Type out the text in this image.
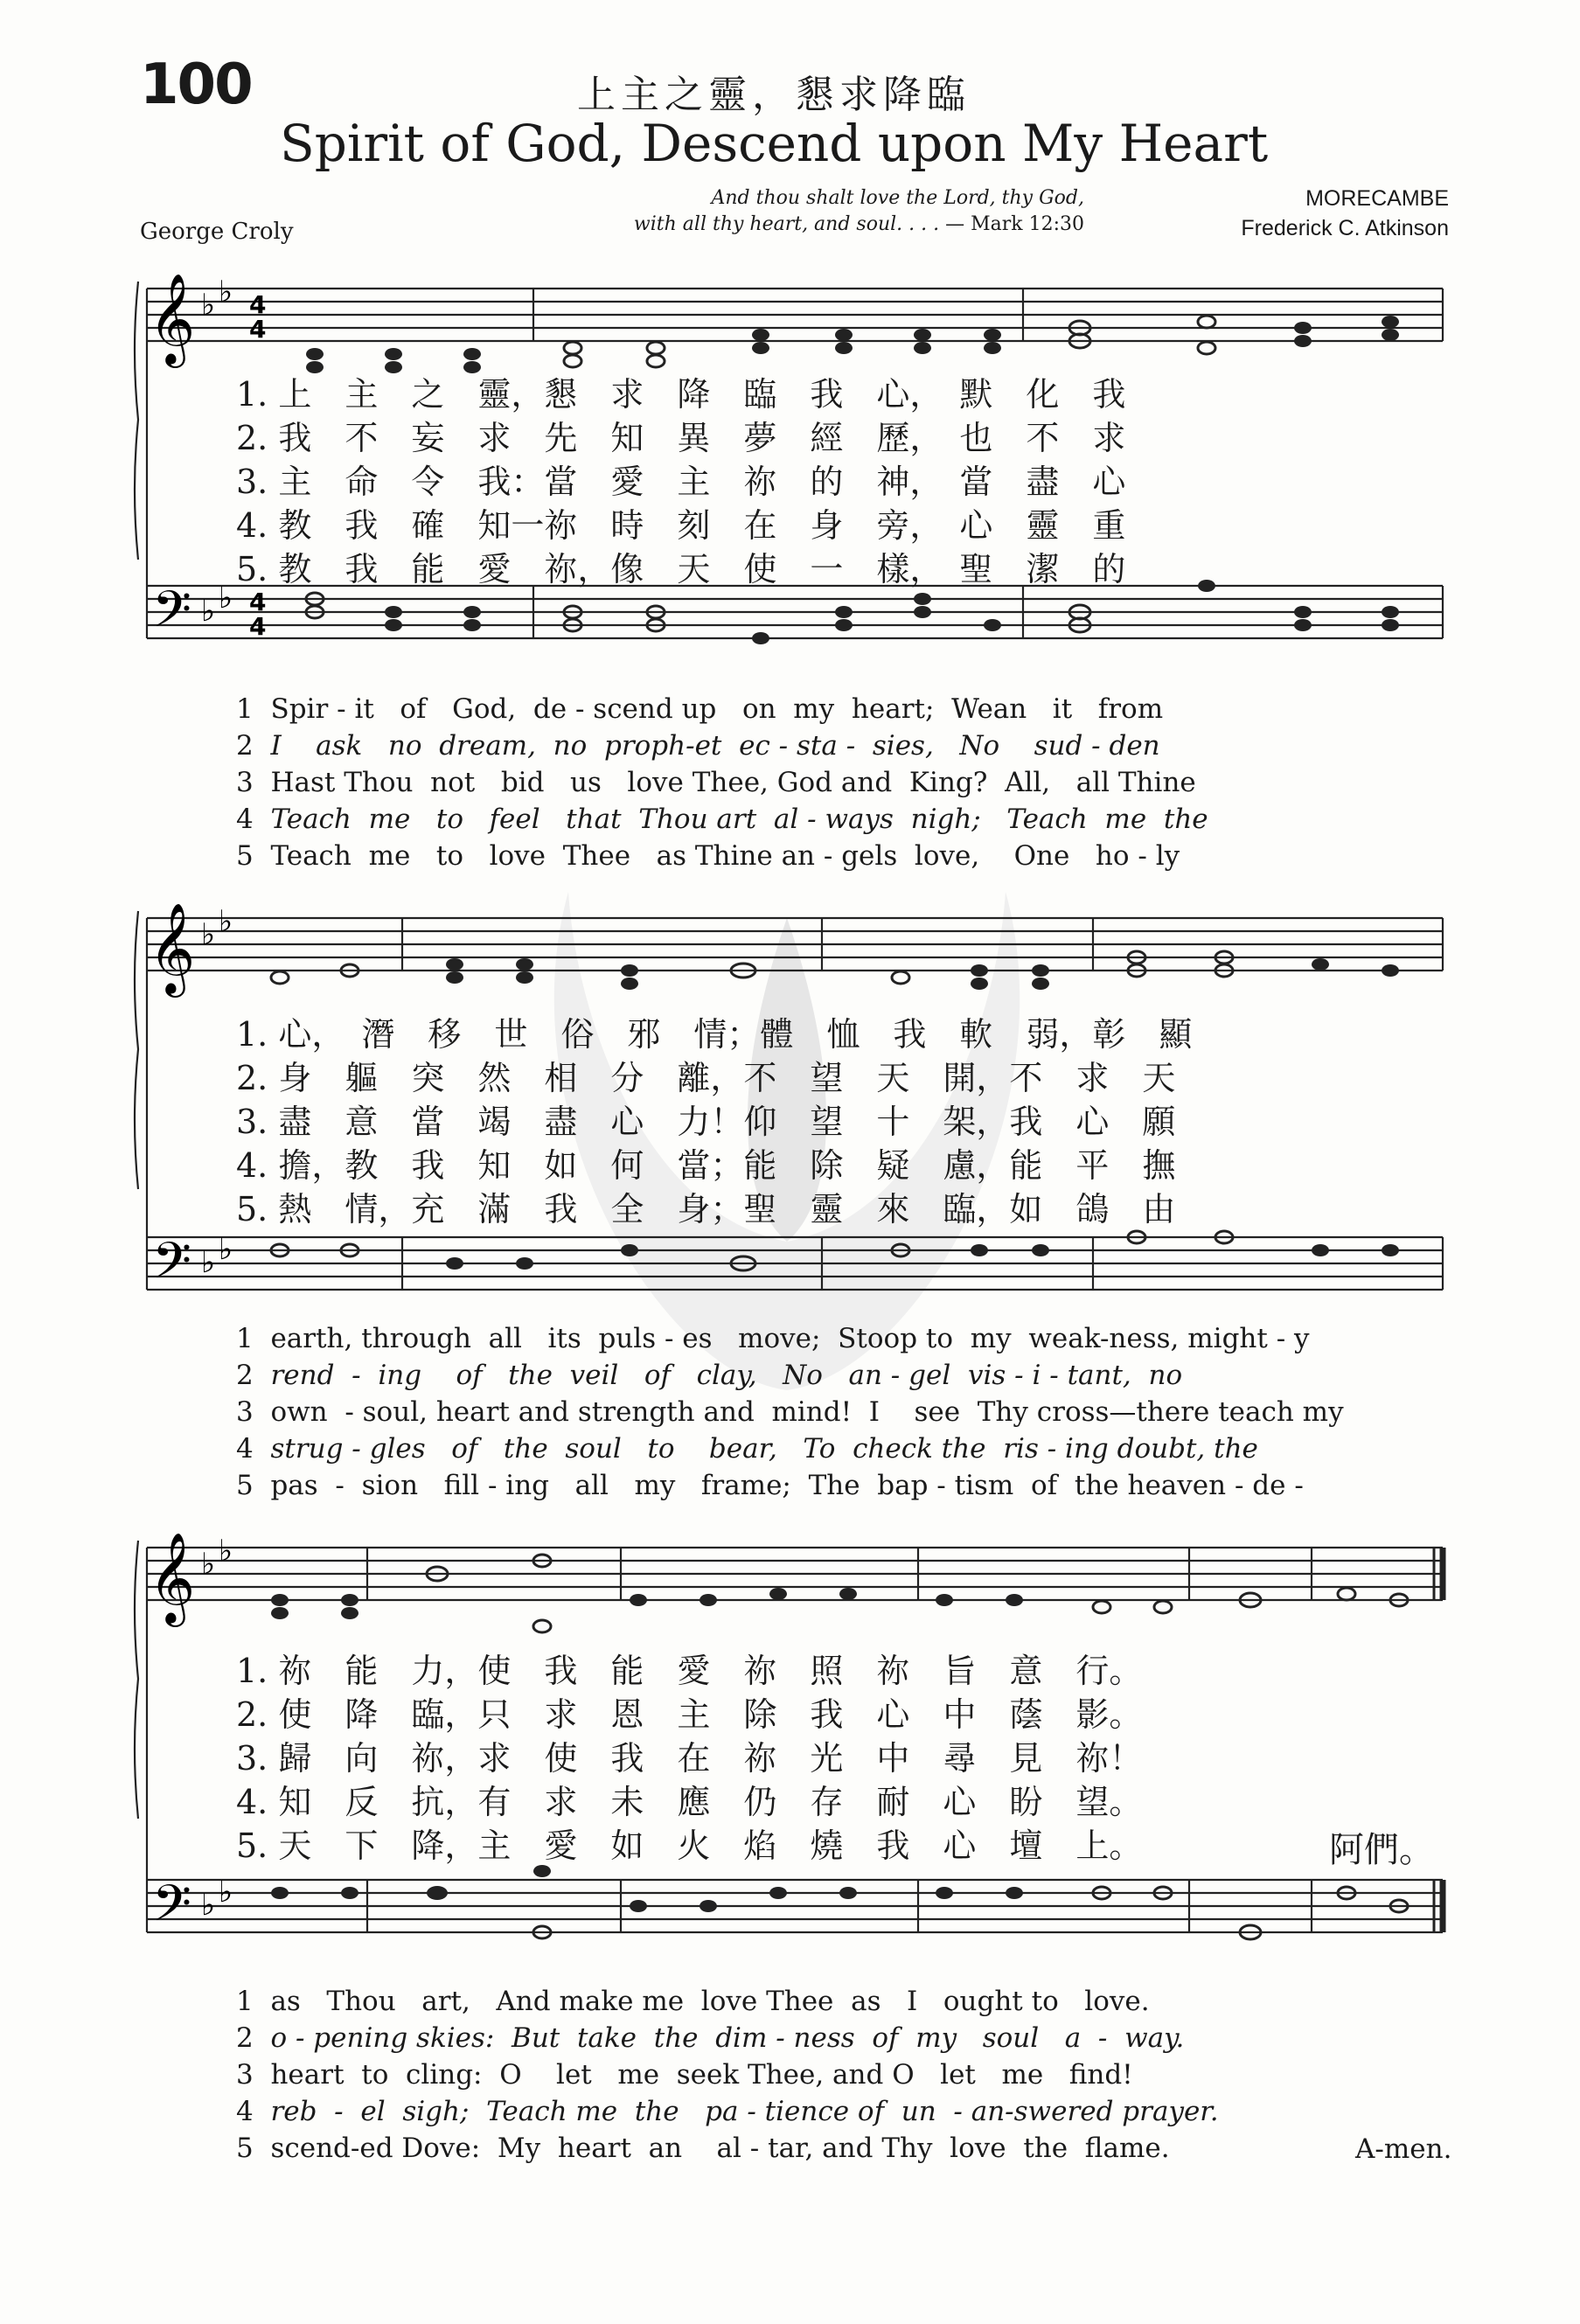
100	上主之靈，懇求降臨
Spirit of God, Descend upon My Heart
And thou shalt love the Lord, thy God,
with all thy heart, and soul. . . . — Mark 12:30
MORECAMBE
Frederick C. Atkinson
George Croly
𝄞
𝄢
♭ ♭
♭ ♭
4
4
4
4
1. 上　主　之　靈，懇　求　降　臨　我　心，　默　化　我
2. 我　不　妄　求　先　知　異　夢　經　歷，　也　不　求
3. 主　命　令　我：當　愛　主　祢　的　神，　當　盡　心
4. 教　我　確　知一祢　時　刻　在　身　旁，　心　靈　重
5. 教　我　能　愛　祢，像　天　使　一　樣，　聖　潔　的
1 Spir - it   of   God,  de - scend up   on  my  heart;  Wean   it   from
2 I    ask   no  dream,  no  proph-et  ec - sta -  sies,   No    sud - den
3 Hast Thou  not   bid   us   love Thee, God and  King?  All,   all Thine
4 Teach  me   to   feel   that  Thou art  al - ways  nigh;   Teach  me  the
5 Teach  me   to   love  Thee   as Thine an - gels  love,    One   ho - ly
𝄞
𝄢
♭ ♭
♭ ♭
1. 心，　潛　移　世　俗　邪　情；體　恤　我　軟　弱，彰　顯
2. 身　軀　突　然　相　分　離，不　望　天　開，不　求　天
3. 盡　意　當　竭　盡　心　力！仰　望　十　架，我　心　願
4. 擔，教　我　知　如　何　當；能　除　疑　慮，能　平　撫
5. 熱　情，充　滿　我　全　身；聖　靈　來　臨，如　鴿　由
1 earth, through  all   its  puls - es   move;  Stoop to  my  weak-ness, might - y
2 rend  -  ing    of   the  veil   of   clay,   No   an - gel  vis - i - tant,  no
3 own  - soul, heart and strength and  mind!  I    see  Thy cross—there teach my
4 strug - gles   of   the  soul   to    bear,   To  check the  ris - ing doubt, the
5 pas  -  sion   fill - ing   all   my   frame;  The  bap - tism  of  the heaven - de -
𝄞
𝄢
♭ ♭
♭ ♭
1. 祢　能　力，使　我　能　愛　祢　照　祢　旨　意　行。
2. 使　降　臨，只　求　恩　主　除　我　心　中　蔭　影。
3. 歸　向　祢，求　使　我　在　祢　光　中　尋　見　祢！
4. 知　反　抗，有　求　未　應　仍　存　耐　心　盼　望。
5. 天　下　降，主　愛　如　火　焰　燒　我　心　壇　上。	阿們。
1 as   Thou   art,   And make me  love Thee  as   I   ought to   love.
2 o - pening skies:  But  take  the  dim - ness  of  my   soul   a  -  way.
3 heart  to  cling:  O    let   me  seek Thee, and O   let   me   find!
4 reb  -  el  sigh;  Teach me  the   pa - tience of  un  - an-swered prayer.
5 scend-ed Dove:  My  heart  an    al - tar, and Thy  love  the  flame.	A-men.
